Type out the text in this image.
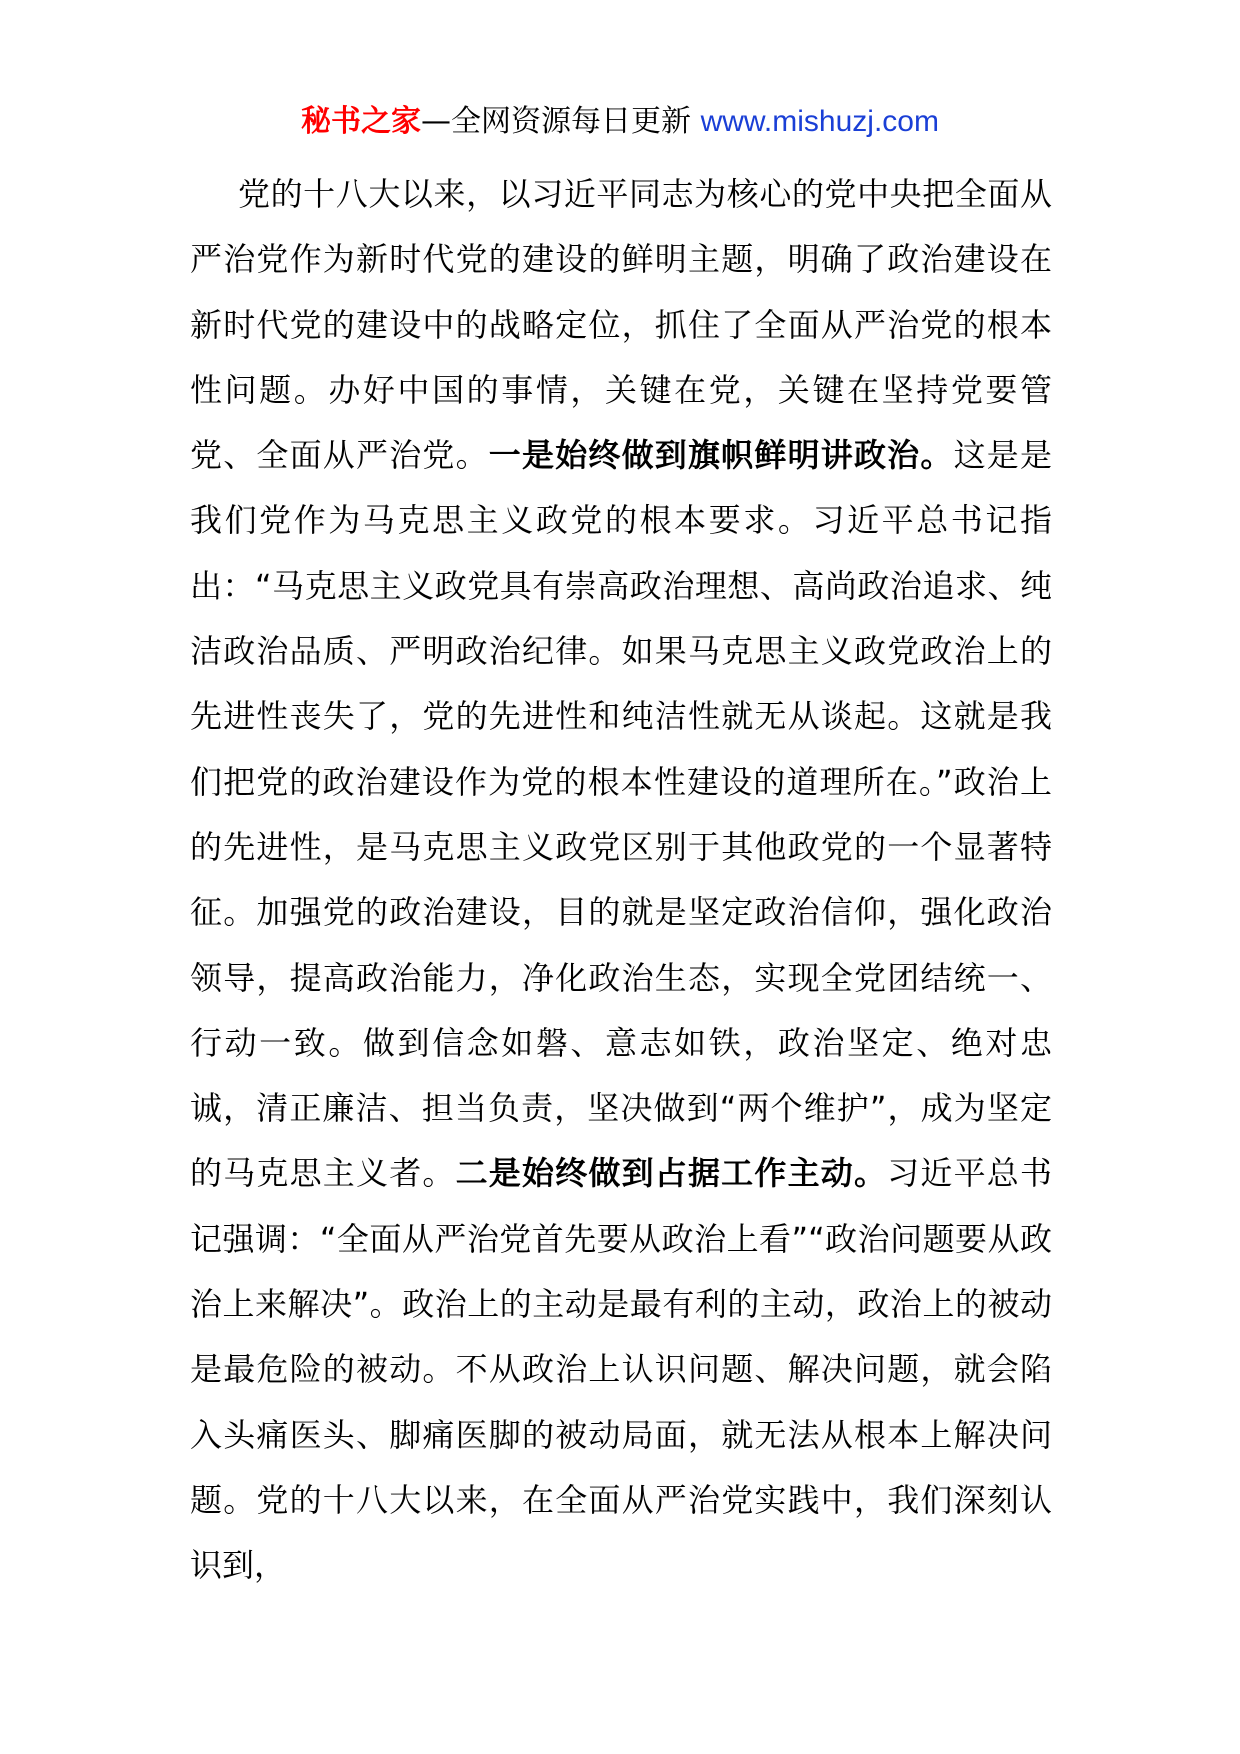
秘书之家—全网资源每日更新 www.mishuzj.com

党的十八大以来，以习近平同志为核心的党中央把全面从严治党作为新时代党的建设的鲜明主题，明确了政治建设在新时代党的建设中的战略定位，抓住了全面从严治党的根本性问题。办好中国的事情，关键在党，关键在坚持党要管党、全面从严治党。一是始终做到旗帜鲜明讲政治。这是是我们党作为马克思主义政党的根本要求。习近平总书记指出：“马克思主义政党具有崇高政治理想、高尚政治追求、纯洁政治品质、严明政治纪律。如果马克思主义政党政治上的先进性丧失了，党的先进性和纯洁性就无从谈起。这就是我们把党的政治建设作为党的根本性建设的道理所在。”政治上的先进性，是马克思主义政党区别于其他政党的一个显著特征。加强党的政治建设，目的就是坚定政治信仰，强化政治领导，提高政治能力，净化政治生态，实现全党团结统一、行动一致。做到信念如磐、意志如铁，政治坚定、绝对忠诚，清正廉洁、担当负责，坚决做到“两个维护”，成为坚定的马克思主义者。二是始终做到占据工作主动。习近平总书记强调：“全面从严治党首先要从政治上看”“政治问题要从政治上来解决”。政治上的主动是最有利的主动，政治上的被动是最危险的被动。不从政治上认识问题、解决问题，就会陷入头痛医头、脚痛医脚的被动局面，就无法从根本上解决问题。党的十八大以来，在全面从严治党实践中，我们深刻认识到，
